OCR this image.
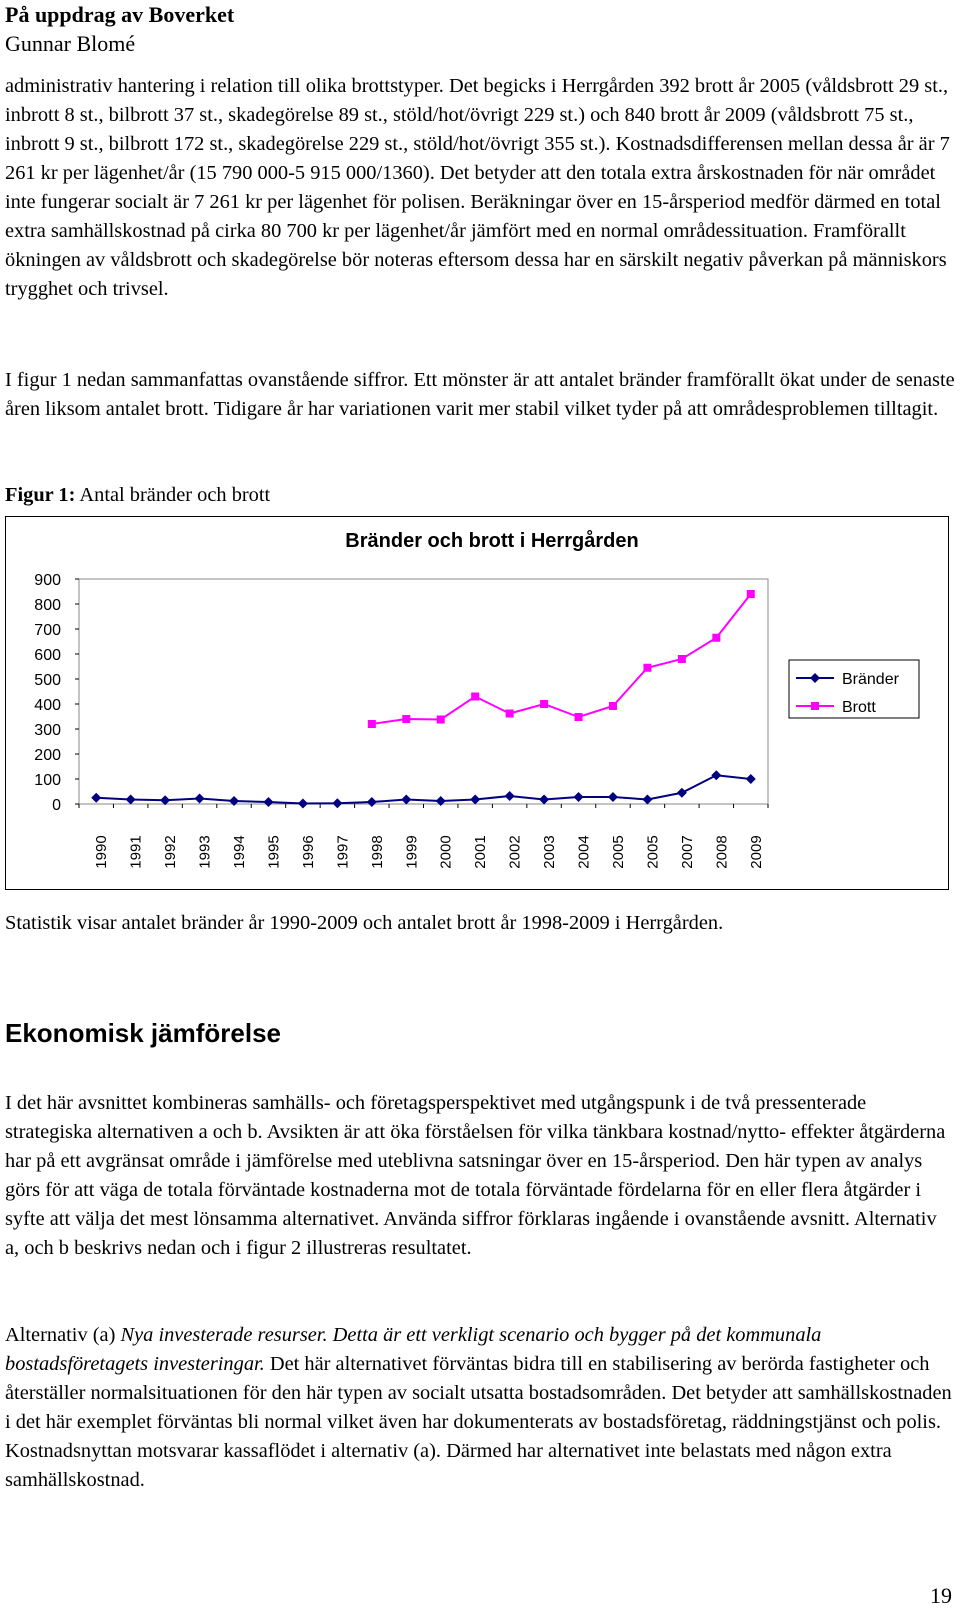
På uppdrag av Boverket
Gunnar Blomé

administrativ hantering i relation till olika brottstyper. Det begicks i Herrgården 392 brott år 2005 (våldsbrott 29 st., inbrott 8 st., bilbrott 37 st., skadegörelse 89 st., stöld/hot/övrigt 229 st.) och 840 brott år 2009 (våldsbrott 75 st., inbrott 9 st., bilbrott 172 st., skadegörelse 229 st., stöld/hot/övrigt 355 st.). Kostnadsdifferensen mellan dessa år är 7 261 kr per lägenhet/år (15 790 000-5 915 000/1360). Det betyder att den totala extra årskostnaden för när området inte fungerar socialt är 7 261 kr per lägenhet för polisen. Beräkningar över en 15-årsperiod medför därmed en total extra samhällskostnad på cirka 80 700 kr per lägenhet/år jämfört med en normal områdessituation. Framförallt ökningen av våldsbrott och skadegörelse bör noteras eftersom dessa har en särskilt negativ påverkan på människors trygghet och trivsel.

I figur 1 nedan sammanfattas ovanstående siffror. Ett mönster är att antalet bränder framförallt ökat under de senaste åren liksom antalet brott. Tidigare år har variationen varit mer stabil vilket tyder på att områdesproblemen tilltagit.

Figur 1: Antal bränder och brott
Bränder och brott i Herrgården
0
100
200
300
400
500
600
700
800
900
1990 1991 1992 1993 1994 1995 1996 1997 1998 1999 2000 2001 2002 2003 2004 2005 2005 2007 2008 2009
Bränder
Brott

Statistik visar antalet bränder år 1990-2009 och antalet brott år 1998-2009 i Herrgården.

Ekonomisk jämförelse

I det här avsnittet kombineras samhälls- och företagsperspektivet med utgångspunk i de två pressenterade strategiska alternativen a och b. Avsikten är att öka förståelsen för vilka tänkbara kostnad/nytto- effekter åtgärderna har på ett avgränsat område i jämförelse med uteblivna satsningar över en 15-årsperiod. Den här typen av analys görs för att väga de totala förväntade kostnaderna mot de totala förväntade fördelarna för en eller flera åtgärder i syfte att välja det mest lönsamma alternativet. Använda siffror förklaras ingående i ovanstående avsnitt. Alternativ a, och b beskrivs nedan och i figur 2 illustreras resultatet.

Alternativ (a) Nya investerade resurser. Detta är ett verkligt scenario och bygger på det kommunala bostadsföretagets investeringar. Det här alternativet förväntas bidra till en stabilisering av berörda fastigheter och återställer normalsituationen för den här typen av socialt utsatta bostadsområden. Det betyder att samhällskostnaden i det här exemplet förväntas bli normal vilket även har dokumenterats av bostadsföretag, räddningstjänst och polis. Kostnadsnyttan motsvarar kassaflödet i alternativ (a). Därmed har alternativet inte belastats med någon extra samhällskostnad.

19
